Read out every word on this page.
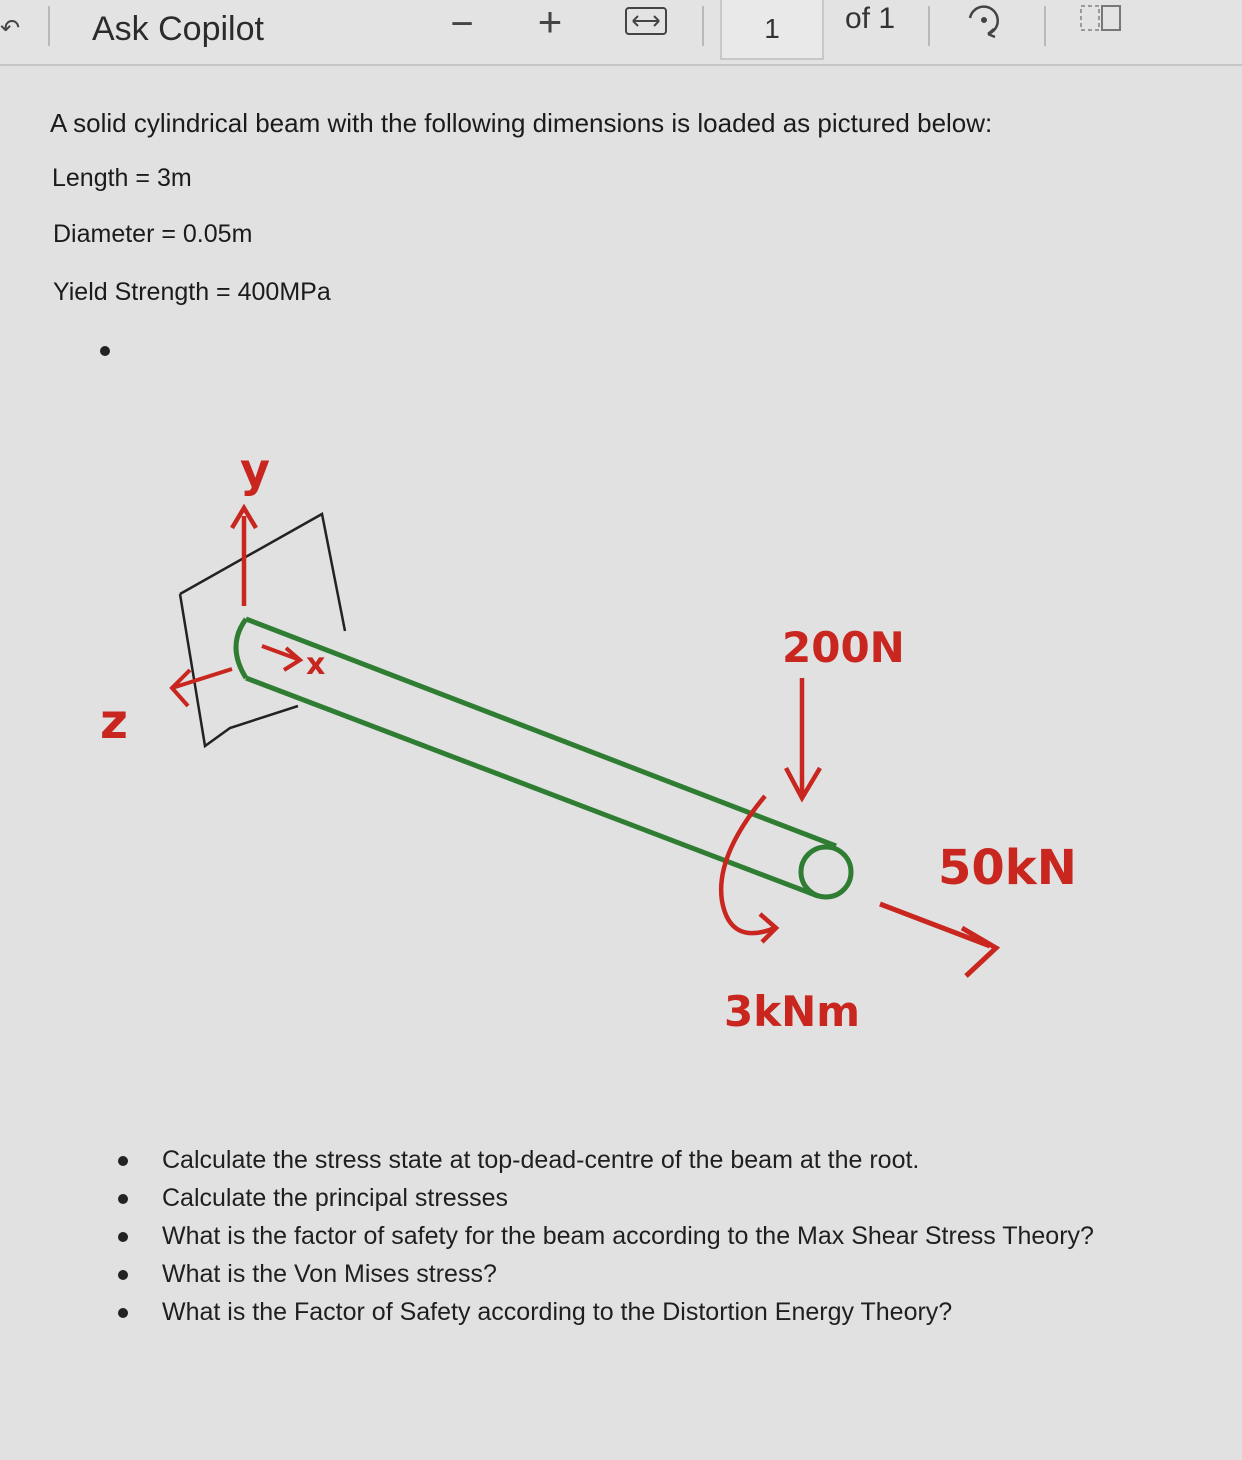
↶ Ask Copilot	− +	1 of 1
A solid cylindrical beam with the following dimensions is loaded as pictured below:
Length = 3m
Diameter = 0.05m
Yield Strength = 400MPa
y
z
x	200N
3kNm
50kN
Calculate the stress state at top-dead-centre of the beam at the root.
Calculate the principal stresses
What is the factor of safety for the beam according to the Max Shear Stress Theory?
What is the Von Mises stress?
What is the Factor of Safety according to the Distortion Energy Theory?
